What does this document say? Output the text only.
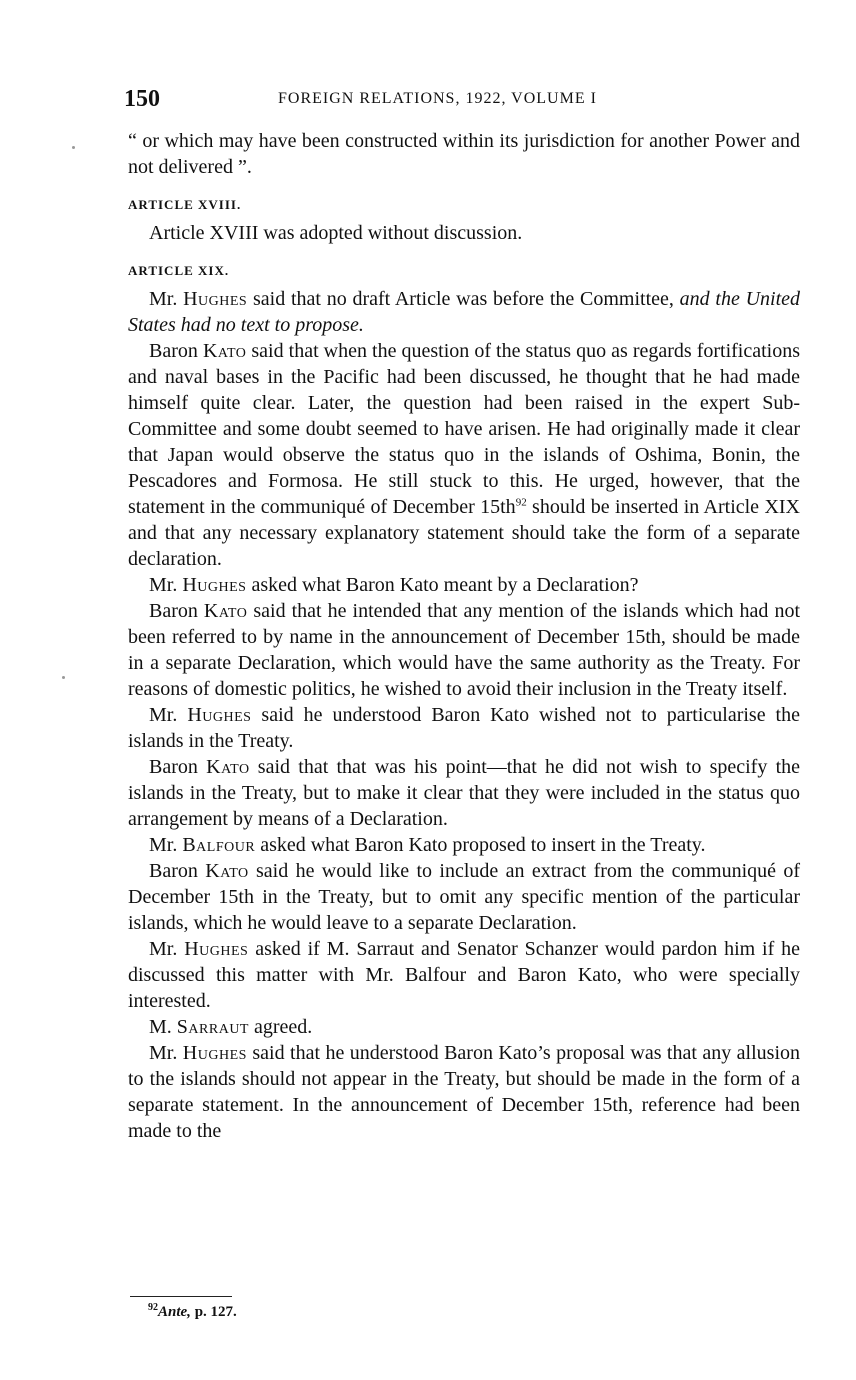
150	FOREIGN RELATIONS, 1922, VOLUME I

“ or which may have been constructed within its jurisdiction for another Power and not delivered ”.

ARTICLE XVIII.

Article XVIII was adopted without discussion.

ARTICLE XIX.

Mr. Hughes said that no draft Article was before the Committee, and the United States had no text to propose.

Baron Kato said that when the question of the status quo as regards fortifications and naval bases in the Pacific had been discussed, he thought that he had made himself quite clear. Later, the question had been raised in the expert Sub-Committee and some doubt seemed to have arisen. He had originally made it clear that Japan would observe the status quo in the islands of Oshima, Bonin, the Pescadores and Formosa. He still stuck to this. He urged, however, that the statement in the communiqué of December 15th$^{92}$ should be inserted in Article XIX and that any necessary explanatory statement should take the form of a separate declaration.

Mr. Hughes asked what Baron Kato meant by a Declaration?

Baron Kato said that he intended that any mention of the islands which had not been referred to by name in the announcement of December 15th, should be made in a separate Declaration, which would have the same authority as the Treaty. For reasons of domestic politics, he wished to avoid their inclusion in the Treaty itself.

Mr. Hughes said he understood Baron Kato wished not to particularise the islands in the Treaty.

Baron Kato said that that was his point—that he did not wish to specify the islands in the Treaty, but to make it clear that they were included in the status quo arrangement by means of a Declaration.

Mr. Balfour asked what Baron Kato proposed to insert in the Treaty.

Baron Kato said he would like to include an extract from the communiqué of December 15th in the Treaty, but to omit any specific mention of the particular islands, which he would leave to a separate Declaration.

Mr. Hughes asked if M. Sarraut and Senator Schanzer would pardon him if he discussed this matter with Mr. Balfour and Baron Kato, who were specially interested.

M. Sarraut agreed.

Mr. Hughes said that he understood Baron Kato’s proposal was that any allusion to the islands should not appear in the Treaty, but should be made in the form of a separate statement. In the announcement of December 15th, reference had been made to the

$^{92}$Ante, p. 127.
